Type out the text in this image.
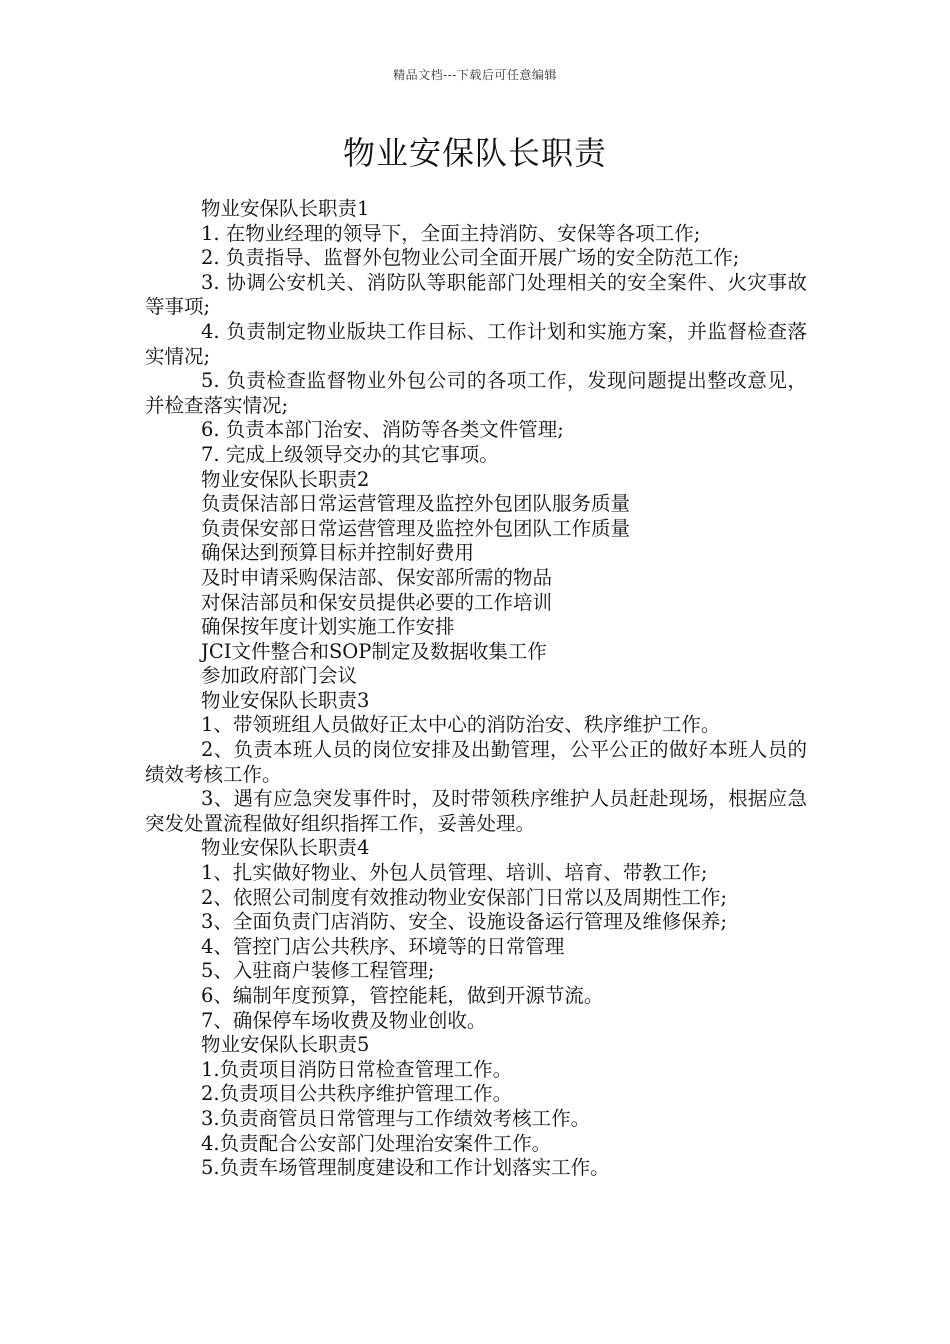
精品文档---下载后可任意编辑
物业安保队长职责

物业安保队长职责1

1. 在物业经理的领导下，全面主持消防、安保等各项工作;

2. 负责指导、监督外包物业公司全面开展广场的安全防范工作;

3. 协调公安机关、消防队等职能部门处理相关的安全案件、火灾事故等事项;

4. 负责制定物业版块工作目标、工作计划和实施方案，并监督检查落实情况;

5. 负责检查监督物业外包公司的各项工作，发现问题提出整改意见，并检查落实情况;

6. 负责本部门治安、消防等各类文件管理;

7. 完成上级领导交办的其它事项。

物业安保队长职责2

负责保洁部日常运营管理及监控外包团队服务质量

负责保安部日常运营管理及监控外包团队工作质量

确保达到预算目标并控制好费用

及时申请采购保洁部、保安部所需的物品

对保洁部员和保安员提供必要的工作培训

确保按年度计划实施工作安排

JCI文件整合和SOP制定及数据收集工作

参加政府部门会议

物业安保队长职责3

1、带领班组人员做好正太中心的消防治安、秩序维护工作。

2、负责本班人员的岗位安排及出勤管理，公平公正的做好本班人员的绩效考核工作。

3、遇有应急突发事件时，及时带领秩序维护人员赶赴现场，根据应急突发处置流程做好组织指挥工作，妥善处理。

物业安保队长职责4

1、扎实做好物业、外包人员管理、培训、培育、带教工作;

2、依照公司制度有效推动物业安保部门日常以及周期性工作;

3、全面负责门店消防、安全、设施设备运行管理及维修保养;

4、管控门店公共秩序、环境等的日常管理

5、入驻商户装修工程管理;

6、编制年度预算，管控能耗，做到开源节流。

7、确保停车场收费及物业创收。

物业安保队长职责5

1.负责项目消防日常检查管理工作。

2.负责项目公共秩序维护管理工作。

3.负责商管员日常管理与工作绩效考核工作。

4.负责配合公安部门处理治安案件工作。

5.负责车场管理制度建设和工作计划落实工作。
